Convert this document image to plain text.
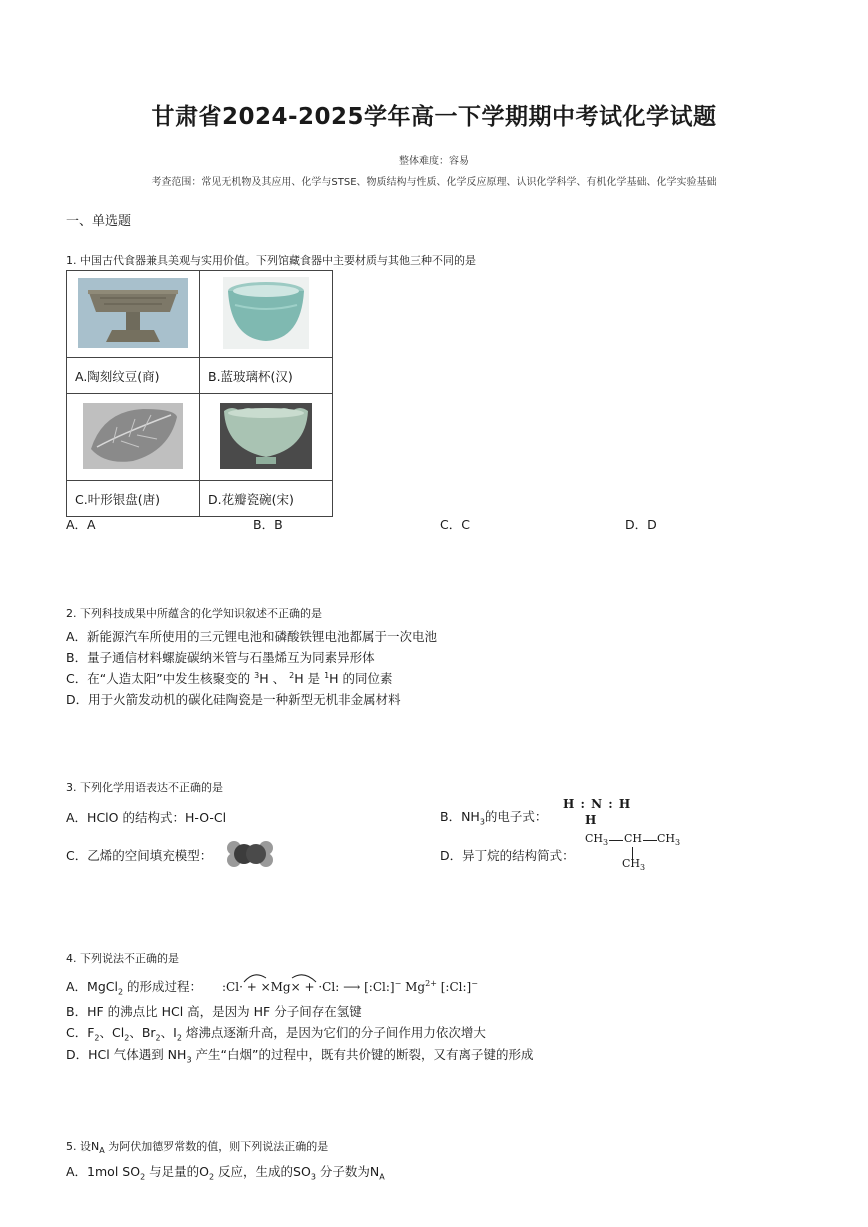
甘肃省2024-2025学年高一下学期期中考试化学试题
整体难度：容易
考查范围：常见无机物及其应用、化学与STSE、物质结构与性质、化学反应原理、认识化学科学、有机化学基础、化学实验基础
一、单选题
1. 中国古代食器兼具美观与实用价值。下列馆藏食器中主要材质与其他三种不同的是

A.陶刻纹豆(商)	B.蓝玻璃杯(汉)

C.叶形银盘(唐)	D.花瓣瓷碗(宋)
A．A	B．B	C．C	D．D
2. 下列科技成果中所蕴含的化学知识叙述不正确的是
A．新能源汽车所使用的三元锂电池和磷酸铁锂电池都属于一次电池
B．量子通信材料螺旋碳纳米管与石墨烯互为同素异形体
C．在“人造太阳”中发生核聚变的 $^3$H 、 $^2$H 是 $^1$H 的同位素
D．用于火箭发动机的碳化硅陶瓷是一种新型无机非金属材料
3. 下列化学用语表达不正确的是
A．HClO 的结构式：H-O-Cl	B．$NH_3$的电子式：
H : N : H
H
C．乙烯的空间填充模型：	D．异丁烷的结构简式：
$CH_3$ CH $CH_3$
$CH_3$
4. 下列说法不正确的是
A．MgCl$_2$ 的形成过程： :Cl· + ×Mg× + ·Cl: ⟶ [:Cl:]− $Mg^{2+}$ [:Cl:]−
B．HF 的沸点比 HCl 高，是因为 HF 分子间存在氢键
C．$F_2$、$Cl_2$、$Br_2$、$I_2$ 熔沸点逐渐升高，是因为它们的分子间作用力依次增大
D．HCl 气体遇到 $NH_3$ 产生“白烟”的过程中，既有共价键的断裂，又有离子键的形成
5. 设$N_A$ 为阿伏加德罗常数的值，则下列说法正确的是
A．1mol $SO_2$ 与足量的$O_2$ 反应，生成的$SO_3$ 分子数为$N_A$
